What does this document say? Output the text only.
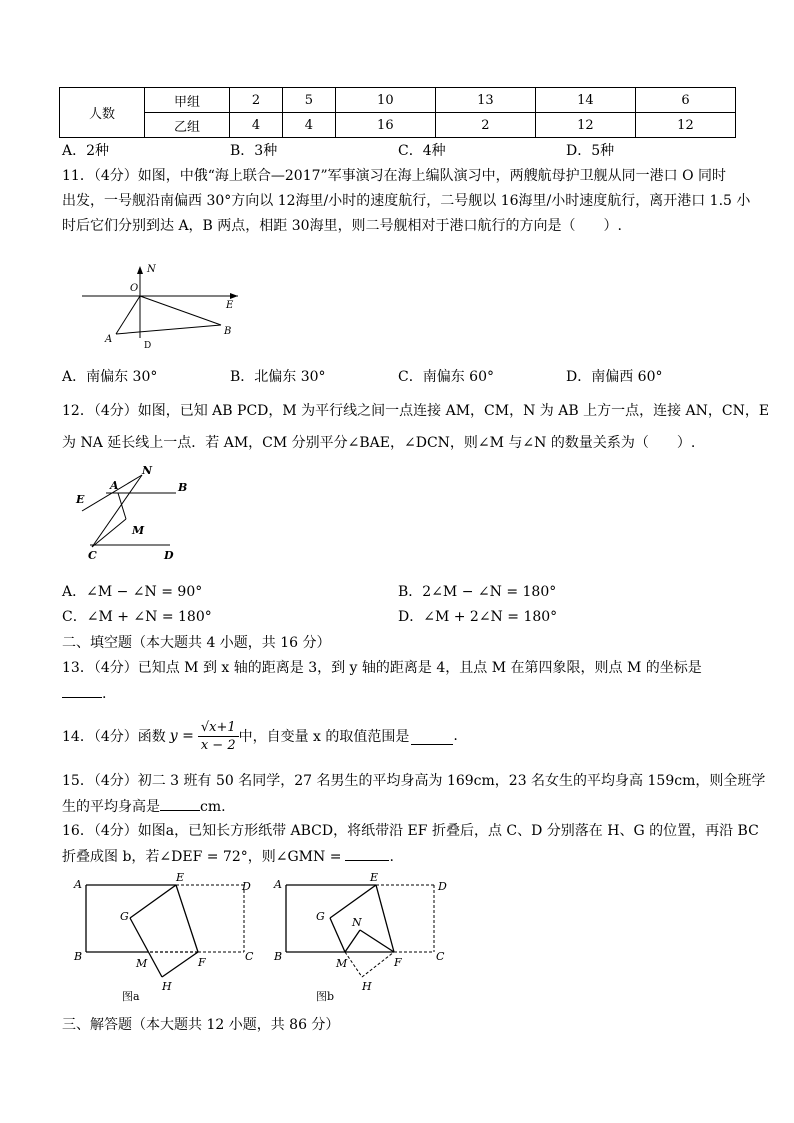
人数	甲组	2	5	10	13	14	6
	乙组	4	4	16	2	12	12
A．2种	B．3种	C．4种	D．5种
11．（4分）如图，中俄“海上联合—2017”军事演习在海上编队演习中，两艘航母护卫舰从同一港口 O 同时
出发，一号舰沿南偏西 30°方向以 12海里/小时的速度航行，二号舰以 16海里/小时速度航行，离开港口 1.5 小
时后它们分别到达 A，B 两点，相距 30海里，则二号舰相对于港口航行的方向是（　　）.
N
O
E
A
B
D
A．南偏东 30°	B．北偏东 30°	C．南偏东 60°	D．南偏西 60°
12．（4分）如图，已知 AB PCD，M 为平行线之间一点连接 AM，CM，N 为 AB 上方一点，连接 AN，CN，E
为 NA 延长线上一点．若 AM，CM 分别平分∠BAE，∠DCN，则∠M 与∠N 的数量关系为（　　）.
N
A	B
E
M
C	D
A．∠M − ∠N = 90°	B．2∠M − ∠N = 180°
C．∠M + ∠N = 180°	D．∠M + 2∠N = 180°
二、填空题（本大题共 4 小题，共 16 分）
13．（4分）已知点 M 到 x 轴的距离是 3，到 y 轴的距离是 4，且点 M 在第四象限，则点 M 的坐标是
.
14．（4分）函数 $y = \frac{√x+1}{x - 2}$ 中，自变量 x 的取值范围是	.
15．（4分）初二 3 班有 50 名同学，27 名男生的平均身高为 169cm，23 名女生的平均身高 159cm，则全班学
生的平均身高是	cm.
16．（4分）如图a，已知长方形纸带 ABCD，将纸带沿 EF 折叠后，点 C、D 分别落在 H、G 的位置，再沿 BC
折叠成图 b，若∠DEF = 72°，则∠GMN =	.
A
E
D
G
B
M	F	C
H
图a
A
E
D
G N
B
M	F	C
H
图b
三、解答题（本大题共 12 小题，共 86 分）
